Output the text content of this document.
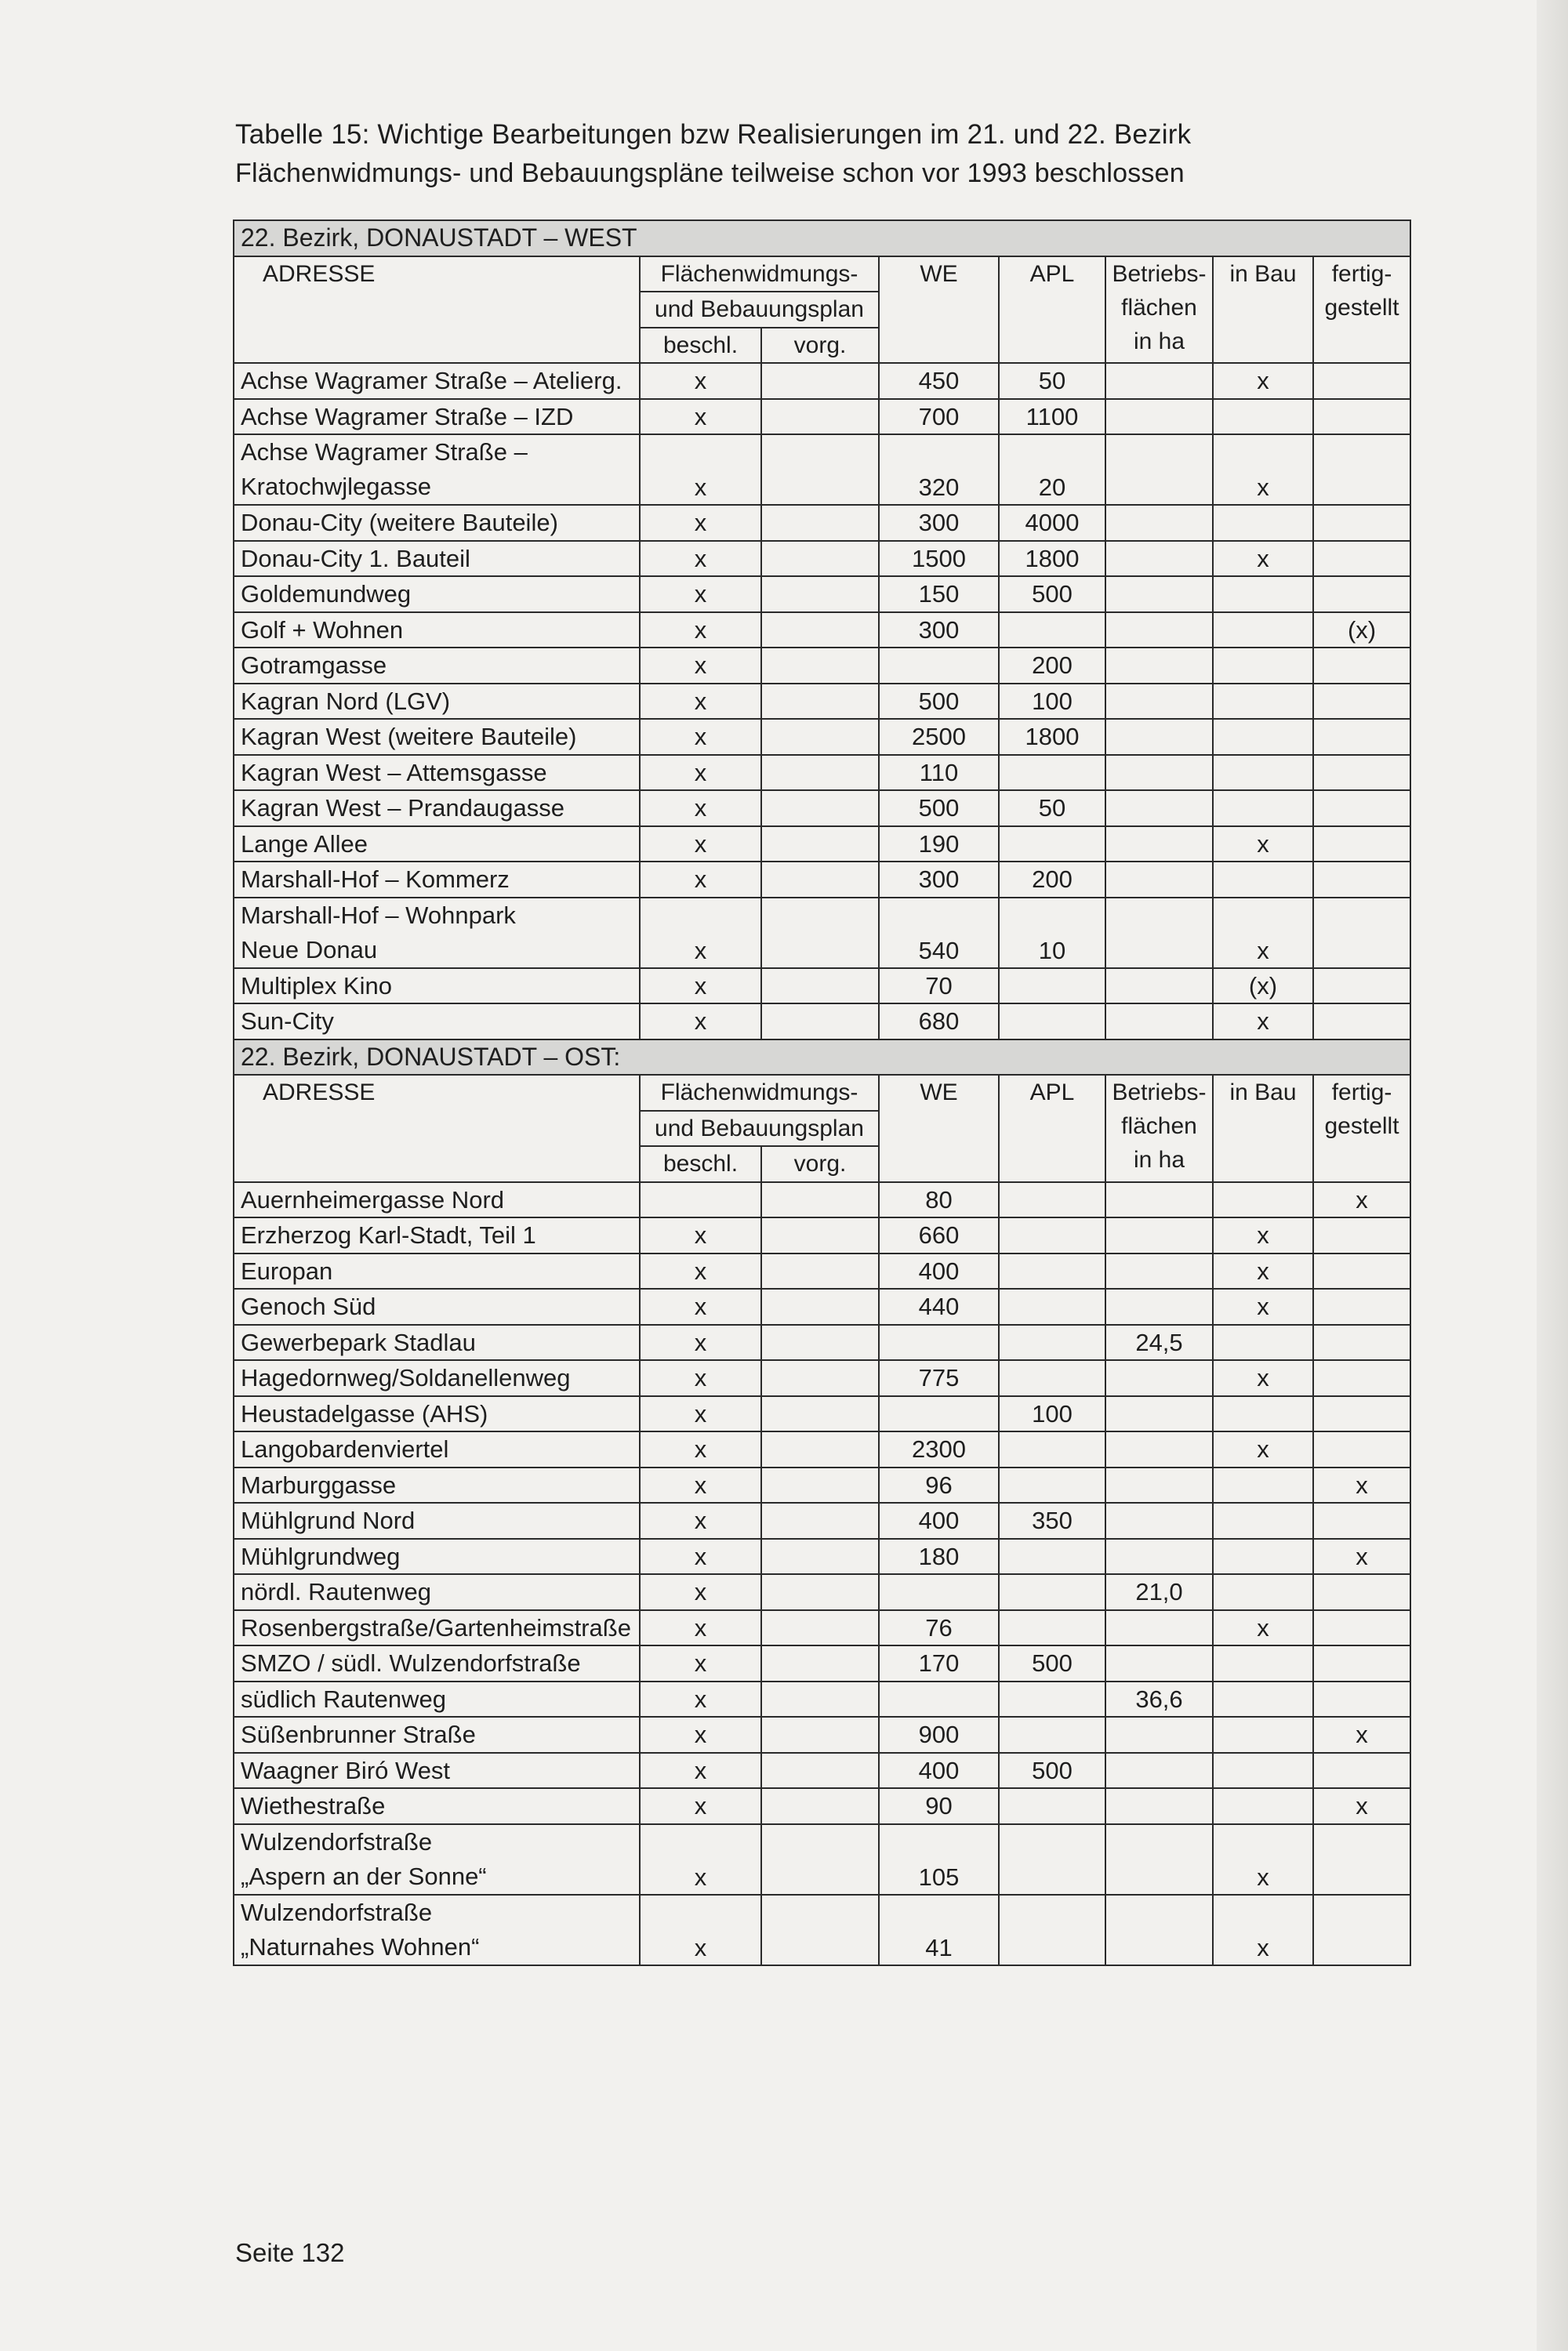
Tabelle 15: Wichtige Bearbeitungen bzw Realisierungen im 21. und 22. Bezirk
Flächenwidmungs- und Bebauungspläne teilweise schon vor 1993 beschlossen
22. Bezirk, DONAUSTADT – WEST							
ADRESSE	Flächenwidmungs-		WE	APL	Betriebs-
flächen
in ha	in Bau	fertig-
gestellt
	und Bebauungsplan						
	beschl.	vorg.					
Achse Wagramer Straße – Atelierg.	x		450	50		x	
Achse Wagramer Straße – IZD	x		700	1100			
Achse Wagramer Straße –
Kratochwjlegasse	x		320	20		x	
Donau-City (weitere Bauteile)	x		300	4000			
Donau-City 1. Bauteil	x		1500	1800		x	
Goldemundweg	x		150	500			
Golf + Wohnen	x		300				(x)
Gotramgasse	x			200			
Kagran Nord (LGV)	x		500	100			
Kagran West (weitere Bauteile)	x		2500	1800			
Kagran West – Attemsgasse	x		110				
Kagran West – Prandaugasse	x		500	50			
Lange Allee	x		190			x	
Marshall-Hof – Kommerz	x		300	200			
Marshall-Hof – Wohnpark
Neue Donau	x		540	10		x	
Multiplex Kino	x		70			(x)	
Sun-City	x		680			x	
22. Bezirk, DONAUSTADT – OST:							
ADRESSE	Flächenwidmungs-		WE	APL	Betriebs-
flächen
in ha	in Bau	fertig-
gestellt
	und Bebauungsplan						
	beschl.	vorg.					
Auernheimergasse Nord			80				x
Erzherzog Karl-Stadt, Teil 1	x		660			x	
Europan	x		400			x	
Genoch Süd	x		440			x	
Gewerbepark Stadlau	x				24,5		
Hagedornweg/Soldanellenweg	x		775			x	
Heustadelgasse (AHS)	x			100			
Langobardenviertel	x		2300			x	
Marburggasse	x		96				x
Mühlgrund Nord	x		400	350			
Mühlgrundweg	x		180				x
nördl. Rautenweg	x				21,0		
Rosenbergstraße/Gartenheimstraße	x		76			x	
SMZO / südl. Wulzendorfstraße	x		170	500			
südlich Rautenweg	x				36,6		
Süßenbrunner Straße	x		900				x
Waagner Biró West	x		400	500			
Wiethestraße	x		90				x
Wulzendorfstraße
„Aspern an der Sonne“	x		105			x	
Wulzendorfstraße
„Naturnahes Wohnen“	x		41			x	
Seite 132
